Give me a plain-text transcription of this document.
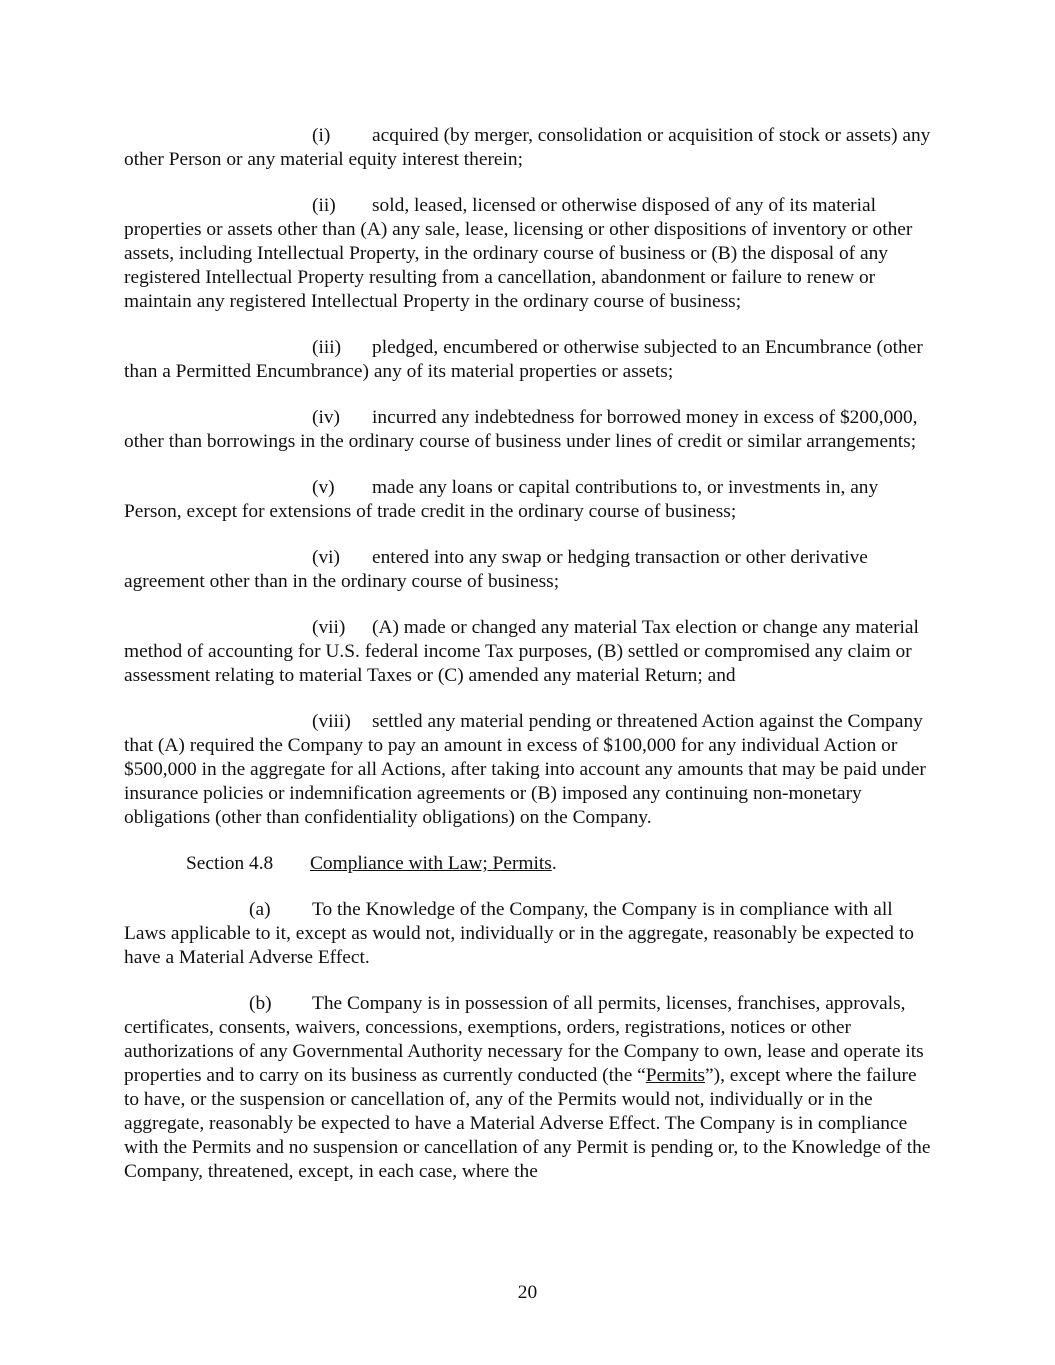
(i) acquired (by merger, consolidation or acquisition of stock or assets) any other Person or any material equity interest therein;

(ii) sold, leased, licensed or otherwise disposed of any of its material properties or assets other than (A) any sale, lease, licensing or other dispositions of inventory or other assets, including Intellectual Property, in the ordinary course of business or (B) the disposal of any registered Intellectual Property resulting from a cancellation, abandonment or failure to renew or maintain any registered Intellectual Property in the ordinary course of business;

(iii) pledged, encumbered or otherwise subjected to an Encumbrance (other than a Permitted Encumbrance) any of its material properties or assets;

(iv) incurred any indebtedness for borrowed money in excess of $200,000, other than borrowings in the ordinary course of business under lines of credit or similar arrangements;

(v) made any loans or capital contributions to, or investments in, any Person, except for extensions of trade credit in the ordinary course of business;

(vi) entered into any swap or hedging transaction or other derivative agreement other than in the ordinary course of business;

(vii) (A) made or changed any material Tax election or change any material method of accounting for U.S. federal income Tax purposes, (B) settled or compromised any claim or assessment relating to material Taxes or (C) amended any material Return; and

(viii) settled any material pending or threatened Action against the Company that (A) required the Company to pay an amount in excess of $100,000 for any individual Action or $500,000 in the aggregate for all Actions, after taking into account any amounts that may be paid under insurance policies or indemnification agreements or (B) imposed any continuing non-monetary obligations (other than confidentiality obligations) on the Company.

Section 4.8 Compliance with Law; Permits.

(a) To the Knowledge of the Company, the Company is in compliance with all Laws applicable to it, except as would not, individually or in the aggregate, reasonably be expected to have a Material Adverse Effect.

(b) The Company is in possession of all permits, licenses, franchises, approvals, certificates, consents, waivers, concessions, exemptions, orders, registrations, notices or other authorizations of any Governmental Authority necessary for the Company to own, lease and operate its properties and to carry on its business as currently conducted (the “Permits”), except where the failure to have, or the suspension or cancellation of, any of the Permits would not, individually or in the aggregate, reasonably be expected to have a Material Adverse Effect. The Company is in compliance with the Permits and no suspension or cancellation of any Permit is pending or, to the Knowledge of the Company, threatened, except, in each case, where the

20
